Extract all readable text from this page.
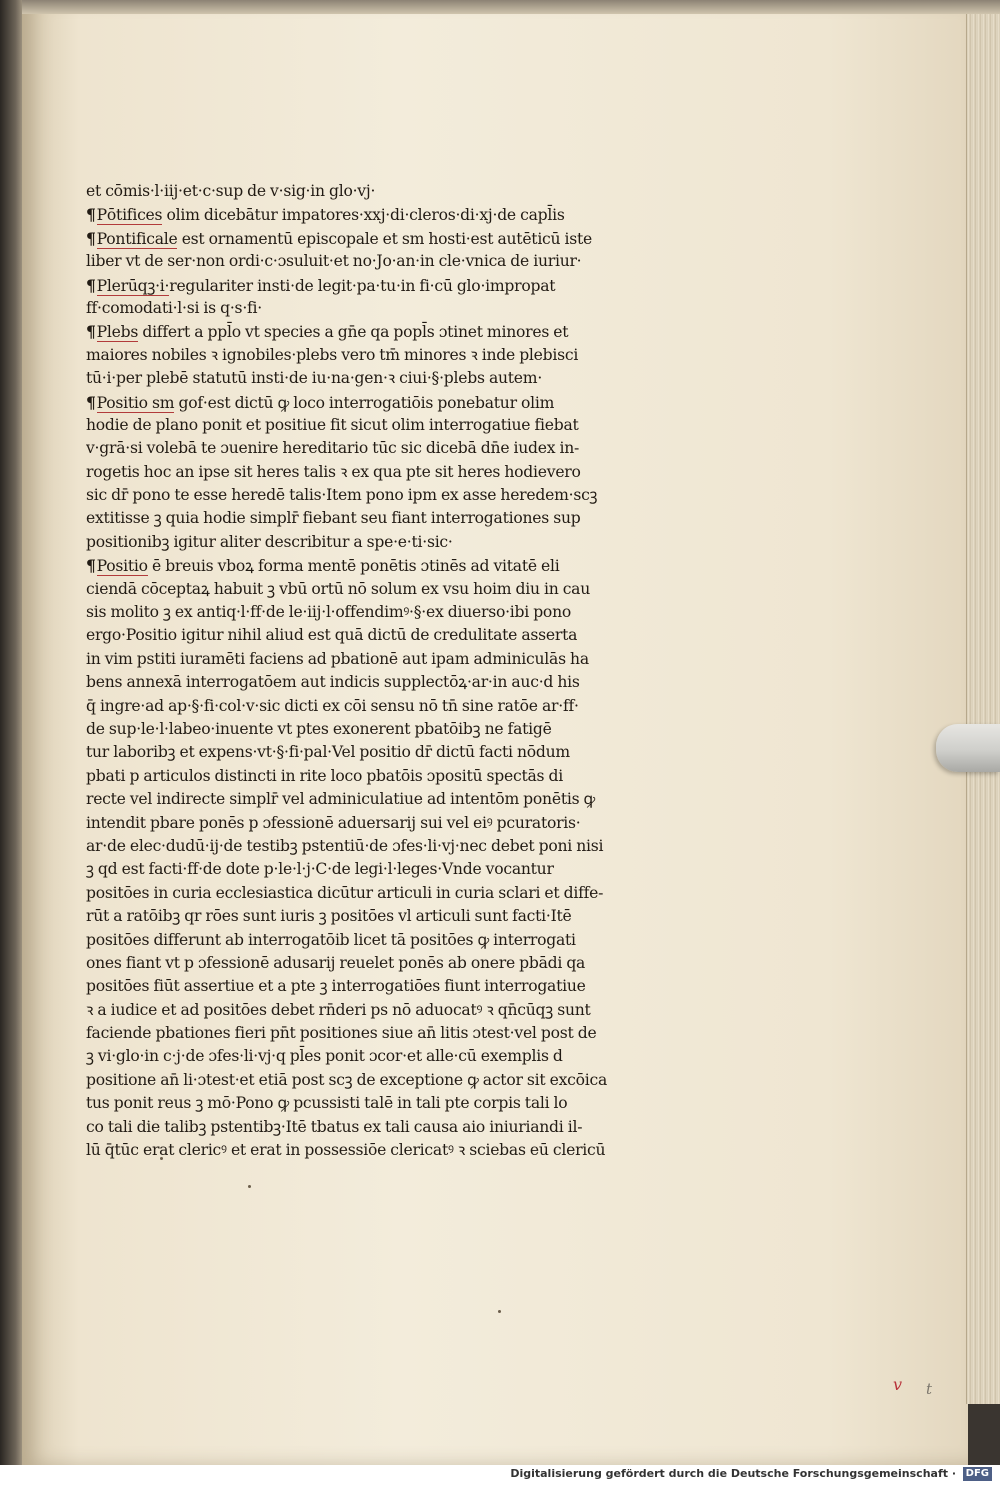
et cōmis·l·iij·et·c·sup de v·sig·in glo·vj·
¶Pōtifices olim dicebātur impatores·xxj·di·cleros·di·xj·de capl̄is
¶Pontificale est ornamentū episcopale et sm hosti·est autēticū iste
liber vt de ser·non ordi·c·ɔsuluit·et no·Jo·an·in cle·vnica de iuriur·
¶Plerūqꝫ·i·regulariter insti·de legit·pa·tu·in fi·cū glo·impropat
ff·comodati·l·si is q·s·fi·
¶Plebs differt a ppl̄o vt species a gn̄e qa popl̄s ɔtinet minores et
maiores nobiles ꝛ ignobiles·plebs vero tm̄ minores ꝛ inde plebisci
tū·i·per plebē statutū insti·de iu·na·gen·ꝛ ciui·§·plebs autem·
¶Positio sm gof·est dictū ꝙ loco interrogatiōis ponebatur olim
hodie de plano ponit et positiue fit sicut olim interrogatiue fiebat
v·grā·si volebā te ɔuenire hereditario tūc sic dicebā dn̄e iudex in-
rogetis hoc an ipse sit heres talis ꝛ ex qua pte sit heres hodievero
sic dr̄ pono te esse heredē talis·Item pono ipm ex asse heredem·scꝫ
extitisse ꝫ quia hodie simplr̄ fiebant seu fiant interrogationes sup
positionibꝫ igitur aliter describitur a spe·e·ti·sic·
¶Positio ē breuis vboꝝ forma mentē ponētis ɔtinēs ad vitatē eli
ciendā cōceptaꝝ habuit ꝫ vbū ortū nō solum ex vsu hoim diu in cau
sis molito ꝫ ex antiq·l·ff·de le·iij·l·offendimꝰ·§·ex diuerso·ibi pono
ergo·Positio igitur nihil aliud est quā dictū de credulitate asserta
in vim pstiti iuramēti faciens ad pbationē aut ipam adminiculās ha
bens annexā interrogatōem aut indicis supplectōꝝ·ar·in auc·d his
q̄ ingre·ad ap·§·fi·col·v·sic dicti ex cōi sensu nō tn̄ sine ratōe ar·ff·
de sup·le·l·labeo·inuente vt ptes exonerent pbatōibꝫ ne fatigē
tur laboribꝫ et expens·vt·§·fi·pal·Vel positio dr̄ dictū facti nōdum
pbati p articulos distincti in rite loco pbatōis ɔpositū spectās di
recte vel indirecte simplr̄ vel adminiculatiue ad intentōm ponētis ꝙ
intendit pbare ponēs p ɔfessionē aduersarij sui vel eiꝰ pcuratoris·
ar·de elec·dudū·ij·de testibꝫ pstentiū·de ɔfes·li·vj·nec debet poni nisi
ꝫ qd est facti·ff·de dote p·le·l·j·C·de legi·l·leges·Vnde vocantur
positōes in curia ecclesiastica dicūtur articuli in curia sclari et diffe-
rūt a ratōibꝫ qr rōes sunt iuris ꝫ positōes vl articuli sunt facti·Itē
positōes differunt ab interrogatōib licet tā positōes ꝙ interrogati
ones fiant vt p ɔfessionē adusarij reuelet ponēs ab onere pbādi qa
positōes fiūt assertiue et a pte ꝫ interrogatiōes fiunt interrogatiue
ꝛ a iudice et ad positōes debet rn̄deri ps nō aduocatꝰ ꝛ qn̄cūqꝫ sunt
faciende pbationes fieri pn̄t positiones siue an̄ litis ɔtest·vel post de
ꝫ vi·glo·in c·j·de ɔfes·li·vj·q pl̄es ponit ɔcor·et alle·cū exemplis d
positione an̄ li·ɔtest·et etiā post scꝫ de exceptione ꝙ actor sit excōica
tus ponit reus ꝫ mō·Pono ꝙ pcussisti talē in tali pte corpis tali lo
co tali die talibꝫ pstentibꝫ·Itē tbatus ex tali causa aio iniuriandi il-
lū q̄tūc erat clericꝰ et erat in possessiōe clericatꝰ ꝛ sciebas eū clericū
v t
Digitalisierung gefördert durch die Deutsche Forschungsgemeinschaft · DFG
